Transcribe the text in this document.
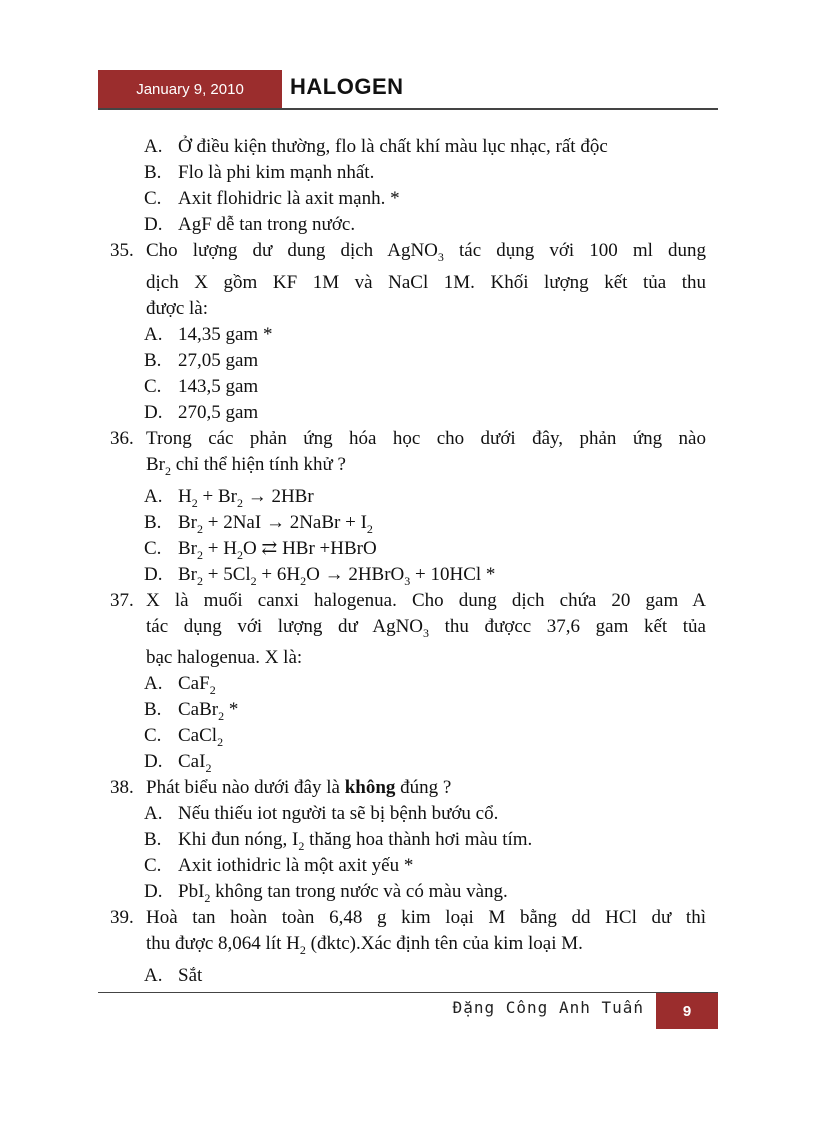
January 9, 2010	HALOGEN
A. Ở điều kiện thường, flo là chất khí màu lục nhạc, rất độc
B. Flo là phi kim mạnh nhất.
C. Axit flohidric là axit mạnh. *
D. AgF dễ tan trong nước.
35. Cho lượng dư dung dịch AgNO$_3$ tác dụng với 100 ml dung
dịch X gồm KF 1M và NaCl 1M. Khối lượng kết tủa thu
được là:
A. 14,35 gam *
B. 27,05 gam
C. 143,5 gam
D. 270,5 gam
36. Trong các phản ứng hóa học cho dưới đây, phản ứng nào
$Br_2$ chỉ thể hiện tính khử ?
A. $H_2 + Br_2 \to 2HBr$
B. $Br_2 + 2NaI$ → 2NaBr + $I_2$
C. $Br_2 + H_2O$ ⇄ HBr +HBrO
D. $Br_2 + 5Cl_2 + 6H_2O$ → 2HBrO$_3$ + 10HCl *
37. X là muối canxi halogenua. Cho dung dịch chứa 20 gam A
tác dụng với lượng dư AgNO$_3$ thu đượcc 37,6 gam kết tủa
bạc halogenua. X là:
A. CaF$_2$
B. CaBr$_2$ *
C. CaCl$_2$
D. CaI$_2$
38. Phát biểu nào dưới đây là không đúng ?
A. Nếu thiếu iot người ta sẽ bị bệnh bướu cổ.
B. Khi đun nóng, $I_2$ thăng hoa thành hơi màu tím.
C. Axit iothidric là một axit yếu *
D. PbI$_2$ không tan trong nước và có màu vàng.
39. Hoà tan hoàn toàn 6,48 g kim loại M bằng dd HCl dư thì
thu được 8,064 lít $H_2$ (đktc).Xác định tên của kim loại M.
A. Sắt
Đặng Công Anh Tuấn	9
